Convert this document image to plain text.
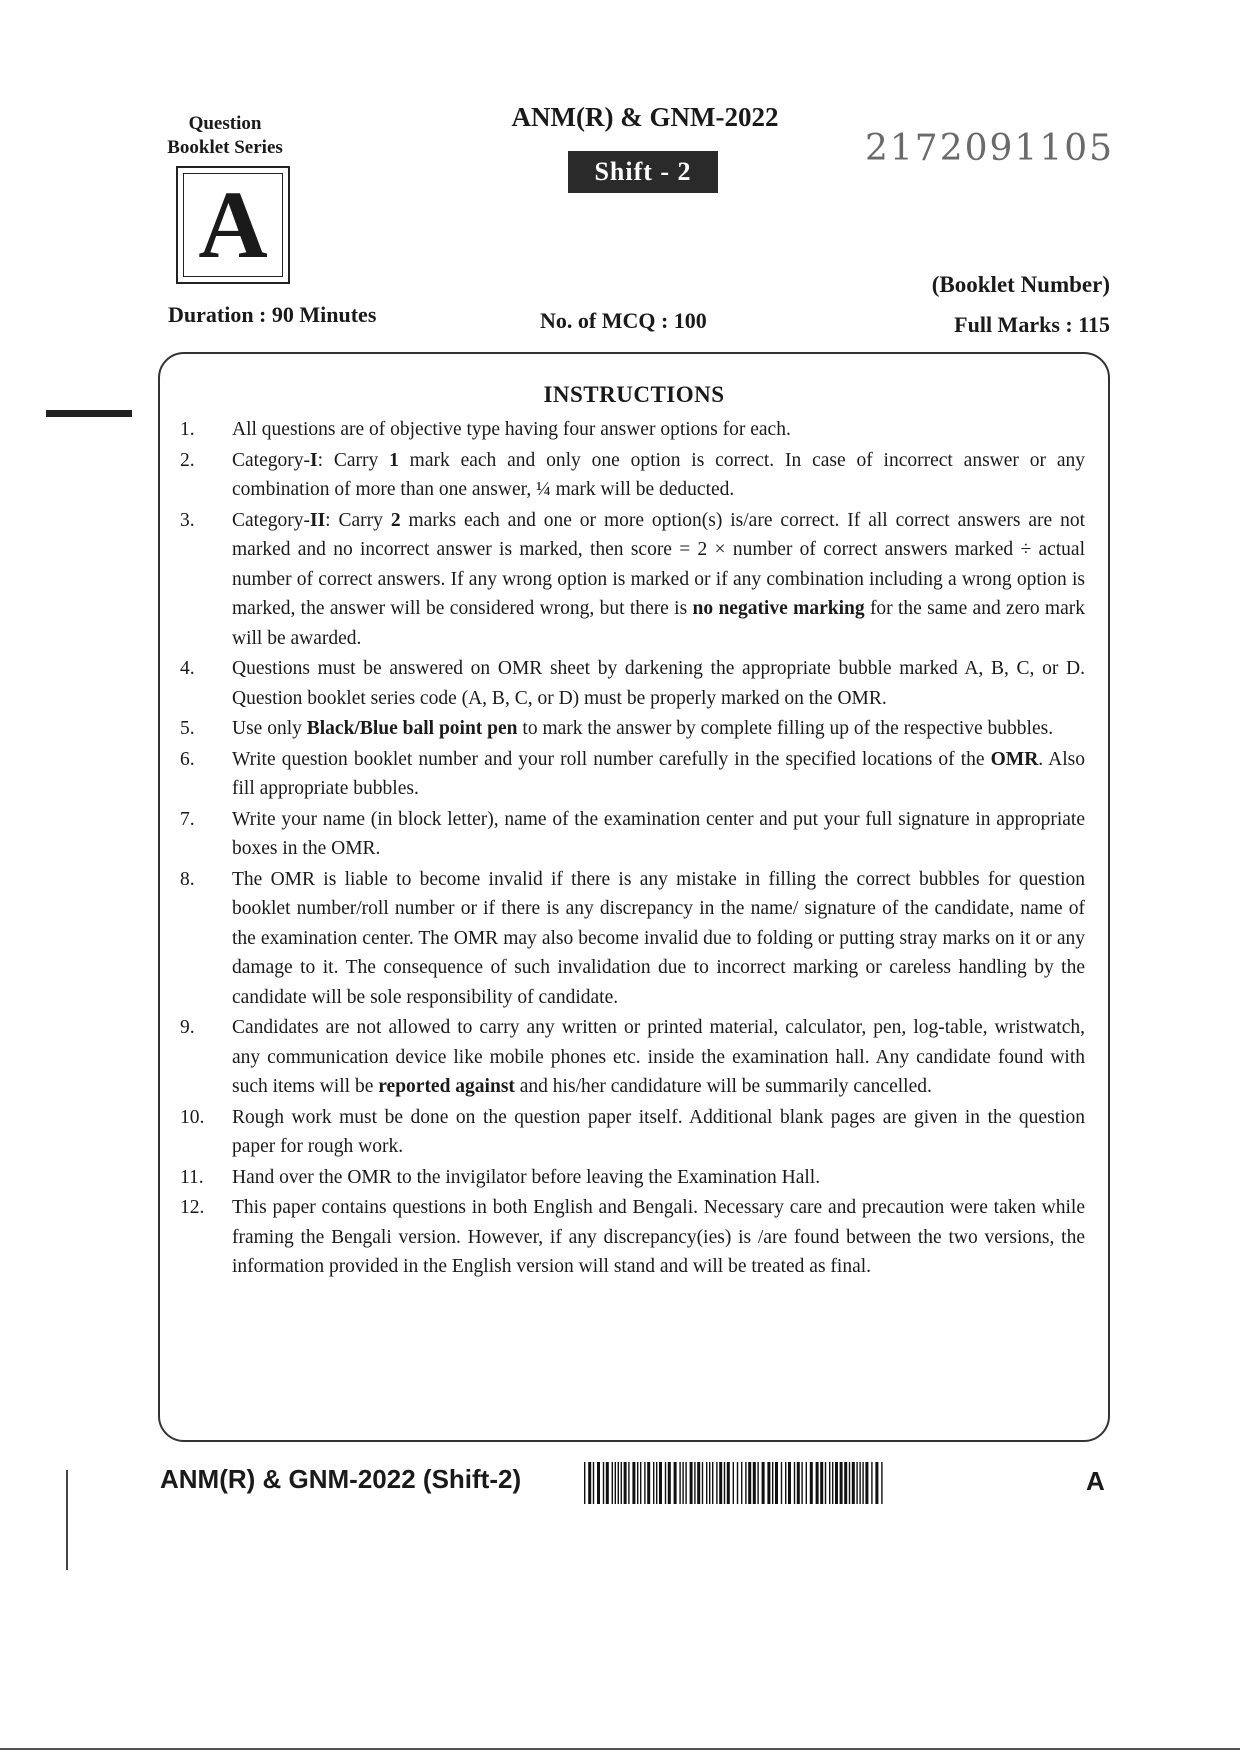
Question
Booklet Series
A
ANM(R) & GNM-2022
Shift - 2
2172091105
(Booklet Number)
Duration : 90 Minutes	No. of MCQ : 100	Full Marks : 115
INSTRUCTIONS
1.	All questions are of objective type having four answer options for each.
2.	Category-I: Carry 1 mark each and only one option is correct. In case of incorrect answer or any combination of more than one answer, ¼ mark will be deducted.
3.	Category-II: Carry 2 marks each and one or more option(s) is/are correct. If all correct answers are not marked and no incorrect answer is marked, then score = 2 × number of correct answers marked ÷ actual number of correct answers. If any wrong option is marked or if any combination including a wrong option is marked, the answer will be considered wrong, but there is no negative marking for the same and zero mark will be awarded.
4.	Questions must be answered on OMR sheet by darkening the appropriate bubble marked A, B, C, or D. Question booklet series code (A, B, C, or D) must be properly marked on the OMR.
5.	Use only Black/Blue ball point pen to mark the answer by complete filling up of the respective bubbles.
6.	Write question booklet number and your roll number carefully in the specified locations of the OMR. Also fill appropriate bubbles.
7.	Write your name (in block letter), name of the examination center and put your full signature in appropriate boxes in the OMR.
8.	The OMR is liable to become invalid if there is any mistake in filling the correct bubbles for question booklet number/roll number or if there is any discrepancy in the name/ signature of the candidate, name of the examination center. The OMR may also become invalid due to folding or putting stray marks on it or any damage to it. The consequence of such invalidation due to incorrect marking or careless handling by the candidate will be sole responsibility of candidate.
9.	Candidates are not allowed to carry any written or printed material, calculator, pen, log-table, wristwatch, any communication device like mobile phones etc. inside the examination hall. Any candidate found with such items will be reported against and his/her candidature will be summarily cancelled.
10.	Rough work must be done on the question paper itself. Additional blank pages are given in the question paper for rough work.
11.	Hand over the OMR to the invigilator before leaving the Examination Hall.
12.	This paper contains questions in both English and Bengali. Necessary care and precaution were taken while framing the Bengali version. However, if any discrepancy(ies) is /are found between the two versions, the information provided in the English version will stand and will be treated as final.
ANM(R) & GNM-2022 (Shift-2)	A
